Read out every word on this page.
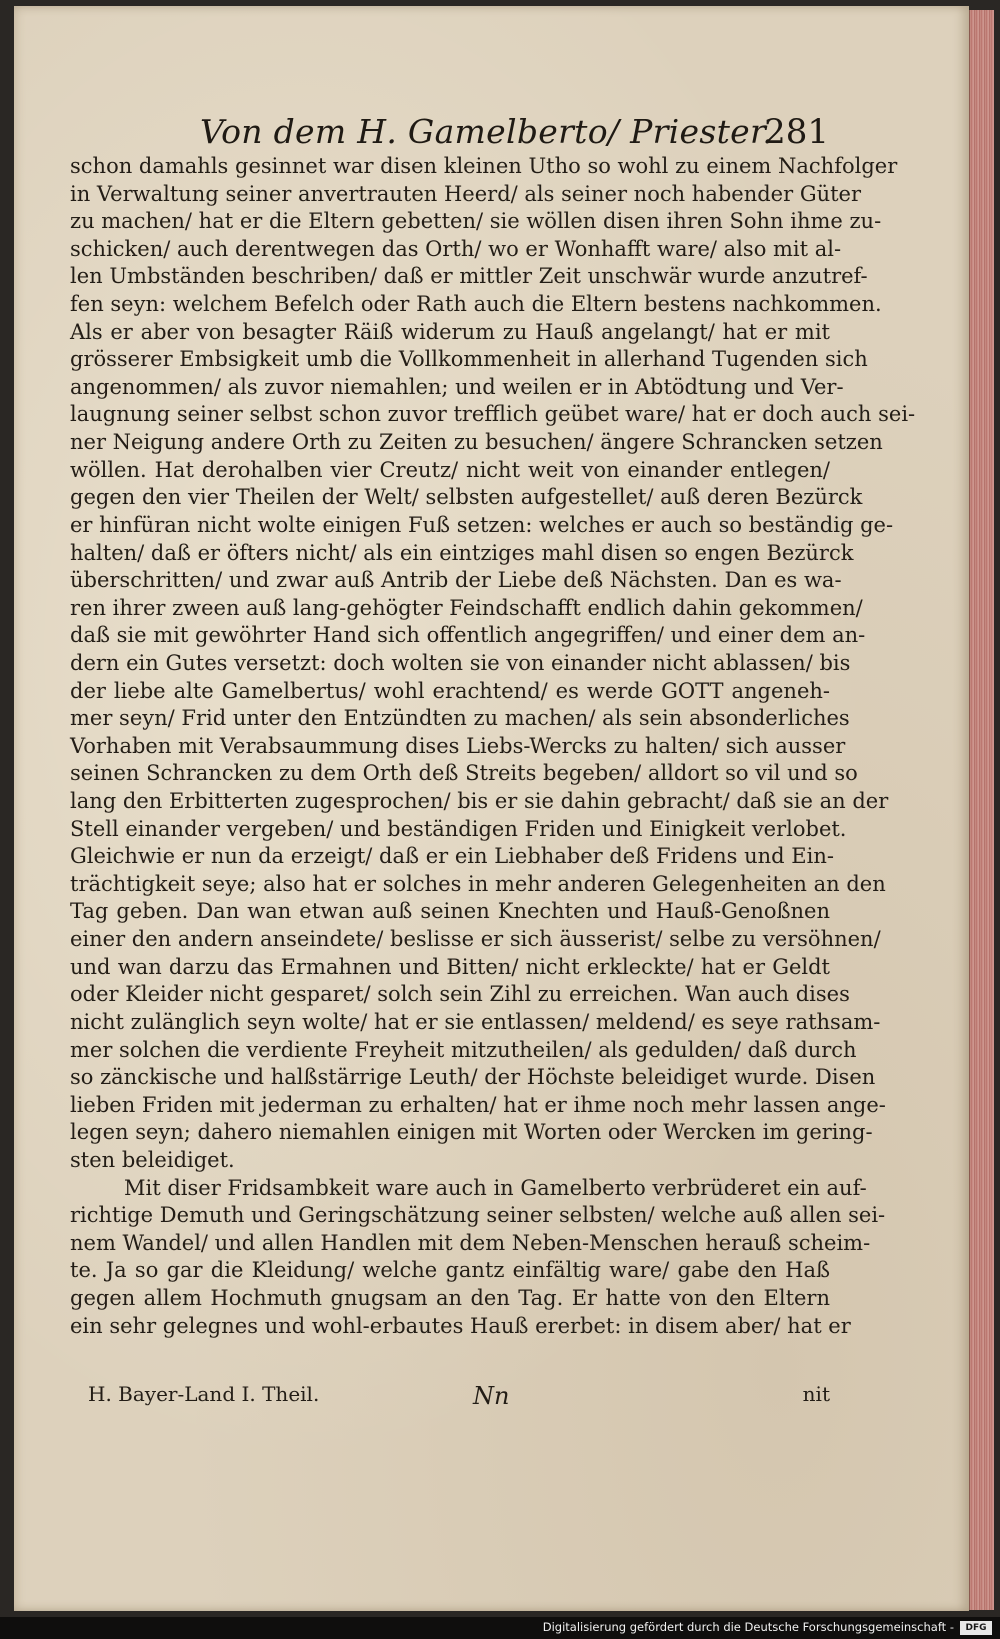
Von dem H. Gamelberto/ Priester.
281
schon damahls gesinnet war disen kleinen Utho so wohl zu einem Nachfolger
in Verwaltung seiner anvertrauten Heerd/ als seiner noch habender Güter
zu machen/ hat er die Eltern gebetten/ sie wöllen disen ihren Sohn ihme zu-
schicken/ auch derentwegen das Orth/ wo er Wonhafft ware/ also mit al-
len Umbständen beschriben/ daß er mittler Zeit unschwär wurde anzutref-
fen seyn: welchem Befelch oder Rath auch die Eltern bestens nachkommen.
Als er aber von besagter Räiß widerum zu Hauß angelangt/ hat er mit
grösserer Embsigkeit umb die Vollkommenheit in allerhand Tugenden sich
angenommen/ als zuvor niemahlen; und weilen er in Abtödtung und Ver-
laugnung seiner selbst schon zuvor trefflich geübet ware/ hat er doch auch sei-
ner Neigung andere Orth zu Zeiten zu besuchen/ ängere Schrancken setzen
wöllen. Hat derohalben vier Creutz/ nicht weit von einander entlegen/
gegen den vier Theilen der Welt/ selbsten aufgestellet/ auß deren Bezürck
er hinfüran nicht wolte einigen Fuß setzen: welches er auch so beständig ge-
halten/ daß er öfters nicht/ als ein eintziges mahl disen so engen Bezürck
überschritten/ und zwar auß Antrib der Liebe deß Nächsten. Dan es wa-
ren ihrer zween auß lang-gehögter Feindschafft endlich dahin gekommen/
daß sie mit gewöhrter Hand sich offentlich angegriffen/ und einer dem an-
dern ein Gutes versetzt: doch wolten sie von einander nicht ablassen/ bis
der liebe alte Gamelbertus/ wohl erachtend/ es werde GOTT angeneh-
mer seyn/ Frid unter den Entzündten zu machen/ als sein absonderliches
Vorhaben mit Verabsaummung dises Liebs-Wercks zu halten/ sich ausser
seinen Schrancken zu dem Orth deß Streits begeben/ alldort so vil und so
lang den Erbitterten zugesprochen/ bis er sie dahin gebracht/ daß sie an der
Stell einander vergeben/ und beständigen Friden und Einigkeit verlobet.
Gleichwie er nun da erzeigt/ daß er ein Liebhaber deß Fridens und Ein-
trächtigkeit seye; also hat er solches in mehr anderen Gelegenheiten an den
Tag geben. Dan wan etwan auß seinen Knechten und Hauß-Genoßnen
einer den andern anseindete/ beslisse er sich äusserist/ selbe zu versöhnen/
und wan darzu das Ermahnen und Bitten/ nicht erkleckte/ hat er Geldt
oder Kleider nicht gesparet/ solch sein Zihl zu erreichen. Wan auch dises
nicht zulänglich seyn wolte/ hat er sie entlassen/ meldend/ es seye rathsam-
mer solchen die verdiente Freyheit mitzutheilen/ als gedulden/ daß durch
so zänckische und halßstärrige Leuth/ der Höchste beleidiget wurde. Disen
lieben Friden mit jederman zu erhalten/ hat er ihme noch mehr lassen ange-
legen seyn; dahero niemahlen einigen mit Worten oder Wercken im gering-
sten beleidiget.
Mit diser Fridsambkeit ware auch in Gamelberto verbrüderet ein auf-
richtige Demuth und Geringschätzung seiner selbsten/ welche auß allen sei-
nem Wandel/ und allen Handlen mit dem Neben-Menschen herauß scheim-
te. Ja so gar die Kleidung/ welche gantz einfältig ware/ gabe den Haß
gegen allem Hochmuth gnugsam an den Tag. Er hatte von den Eltern
ein sehr gelegnes und wohl-erbautes Hauß ererbet: in disem aber/ hat er
H. Bayer-Land I. Theil.	Nn	nit
Digitalisierung gefördert durch die Deutsche Forschungsgemeinschaft -	DFG
